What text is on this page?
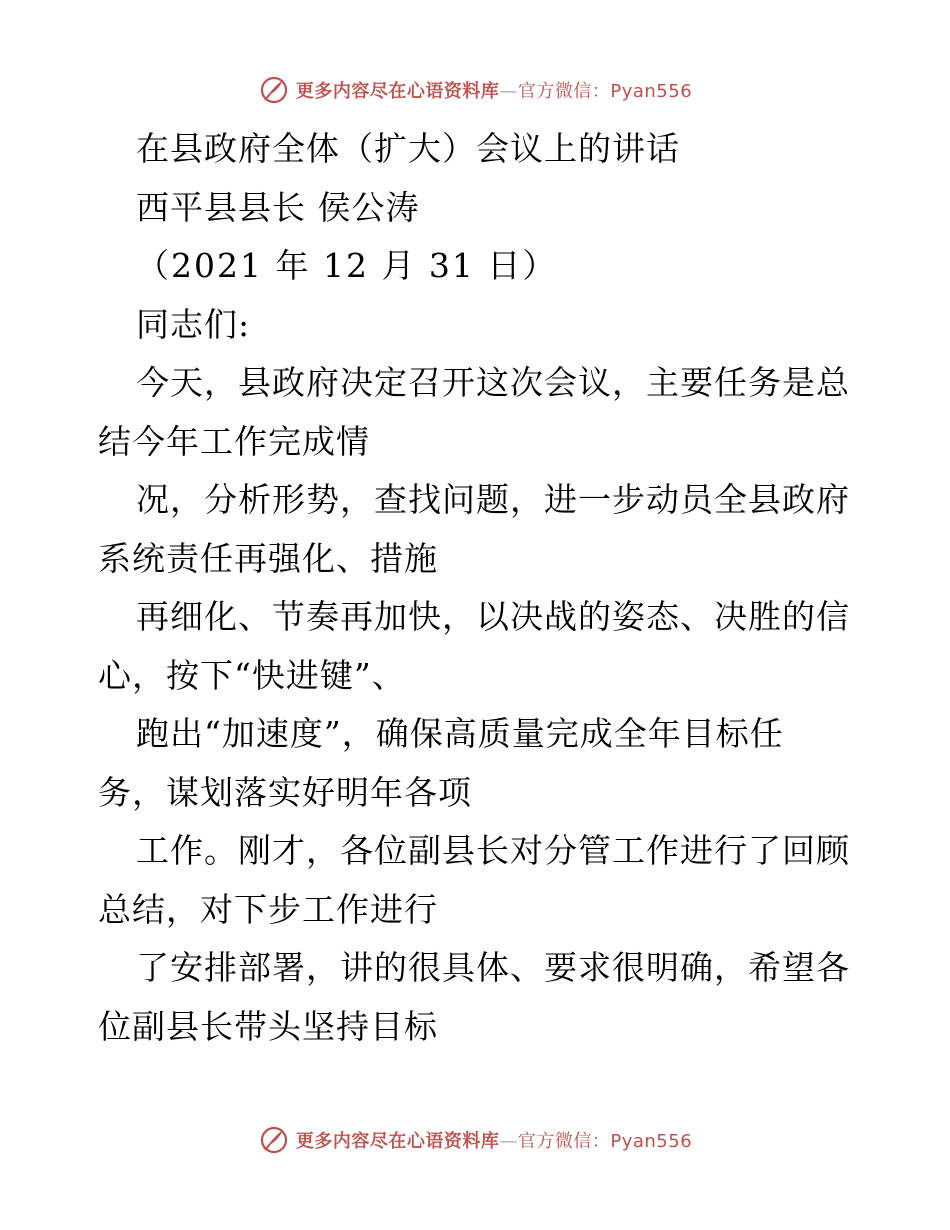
更多内容尽在心语资料库—官方微信：Pyan556
在县政府全体（扩大）会议上的讲话
西平县县长 侯公涛
（2021 年 12 月 31 日）
同志们:
今天，县政府决定召开这次会议，主要任务是总
结今年工作完成情
况，分析形势，查找问题，进一步动员全县政府
系统责任再强化、措施
再细化、节奏再加快，以决战的姿态、决胜的信
心，按下“快进键”、
跑出“加速度”，确保高质量完成全年目标任
务，谋划落实好明年各项
工作。刚才，各位副县长对分管工作进行了回顾
总结，对下步工作进行
了安排部署，讲的很具体、要求很明确，希望各
位副县长带头坚持目标
更多内容尽在心语资料库—官方微信：Pyan556
